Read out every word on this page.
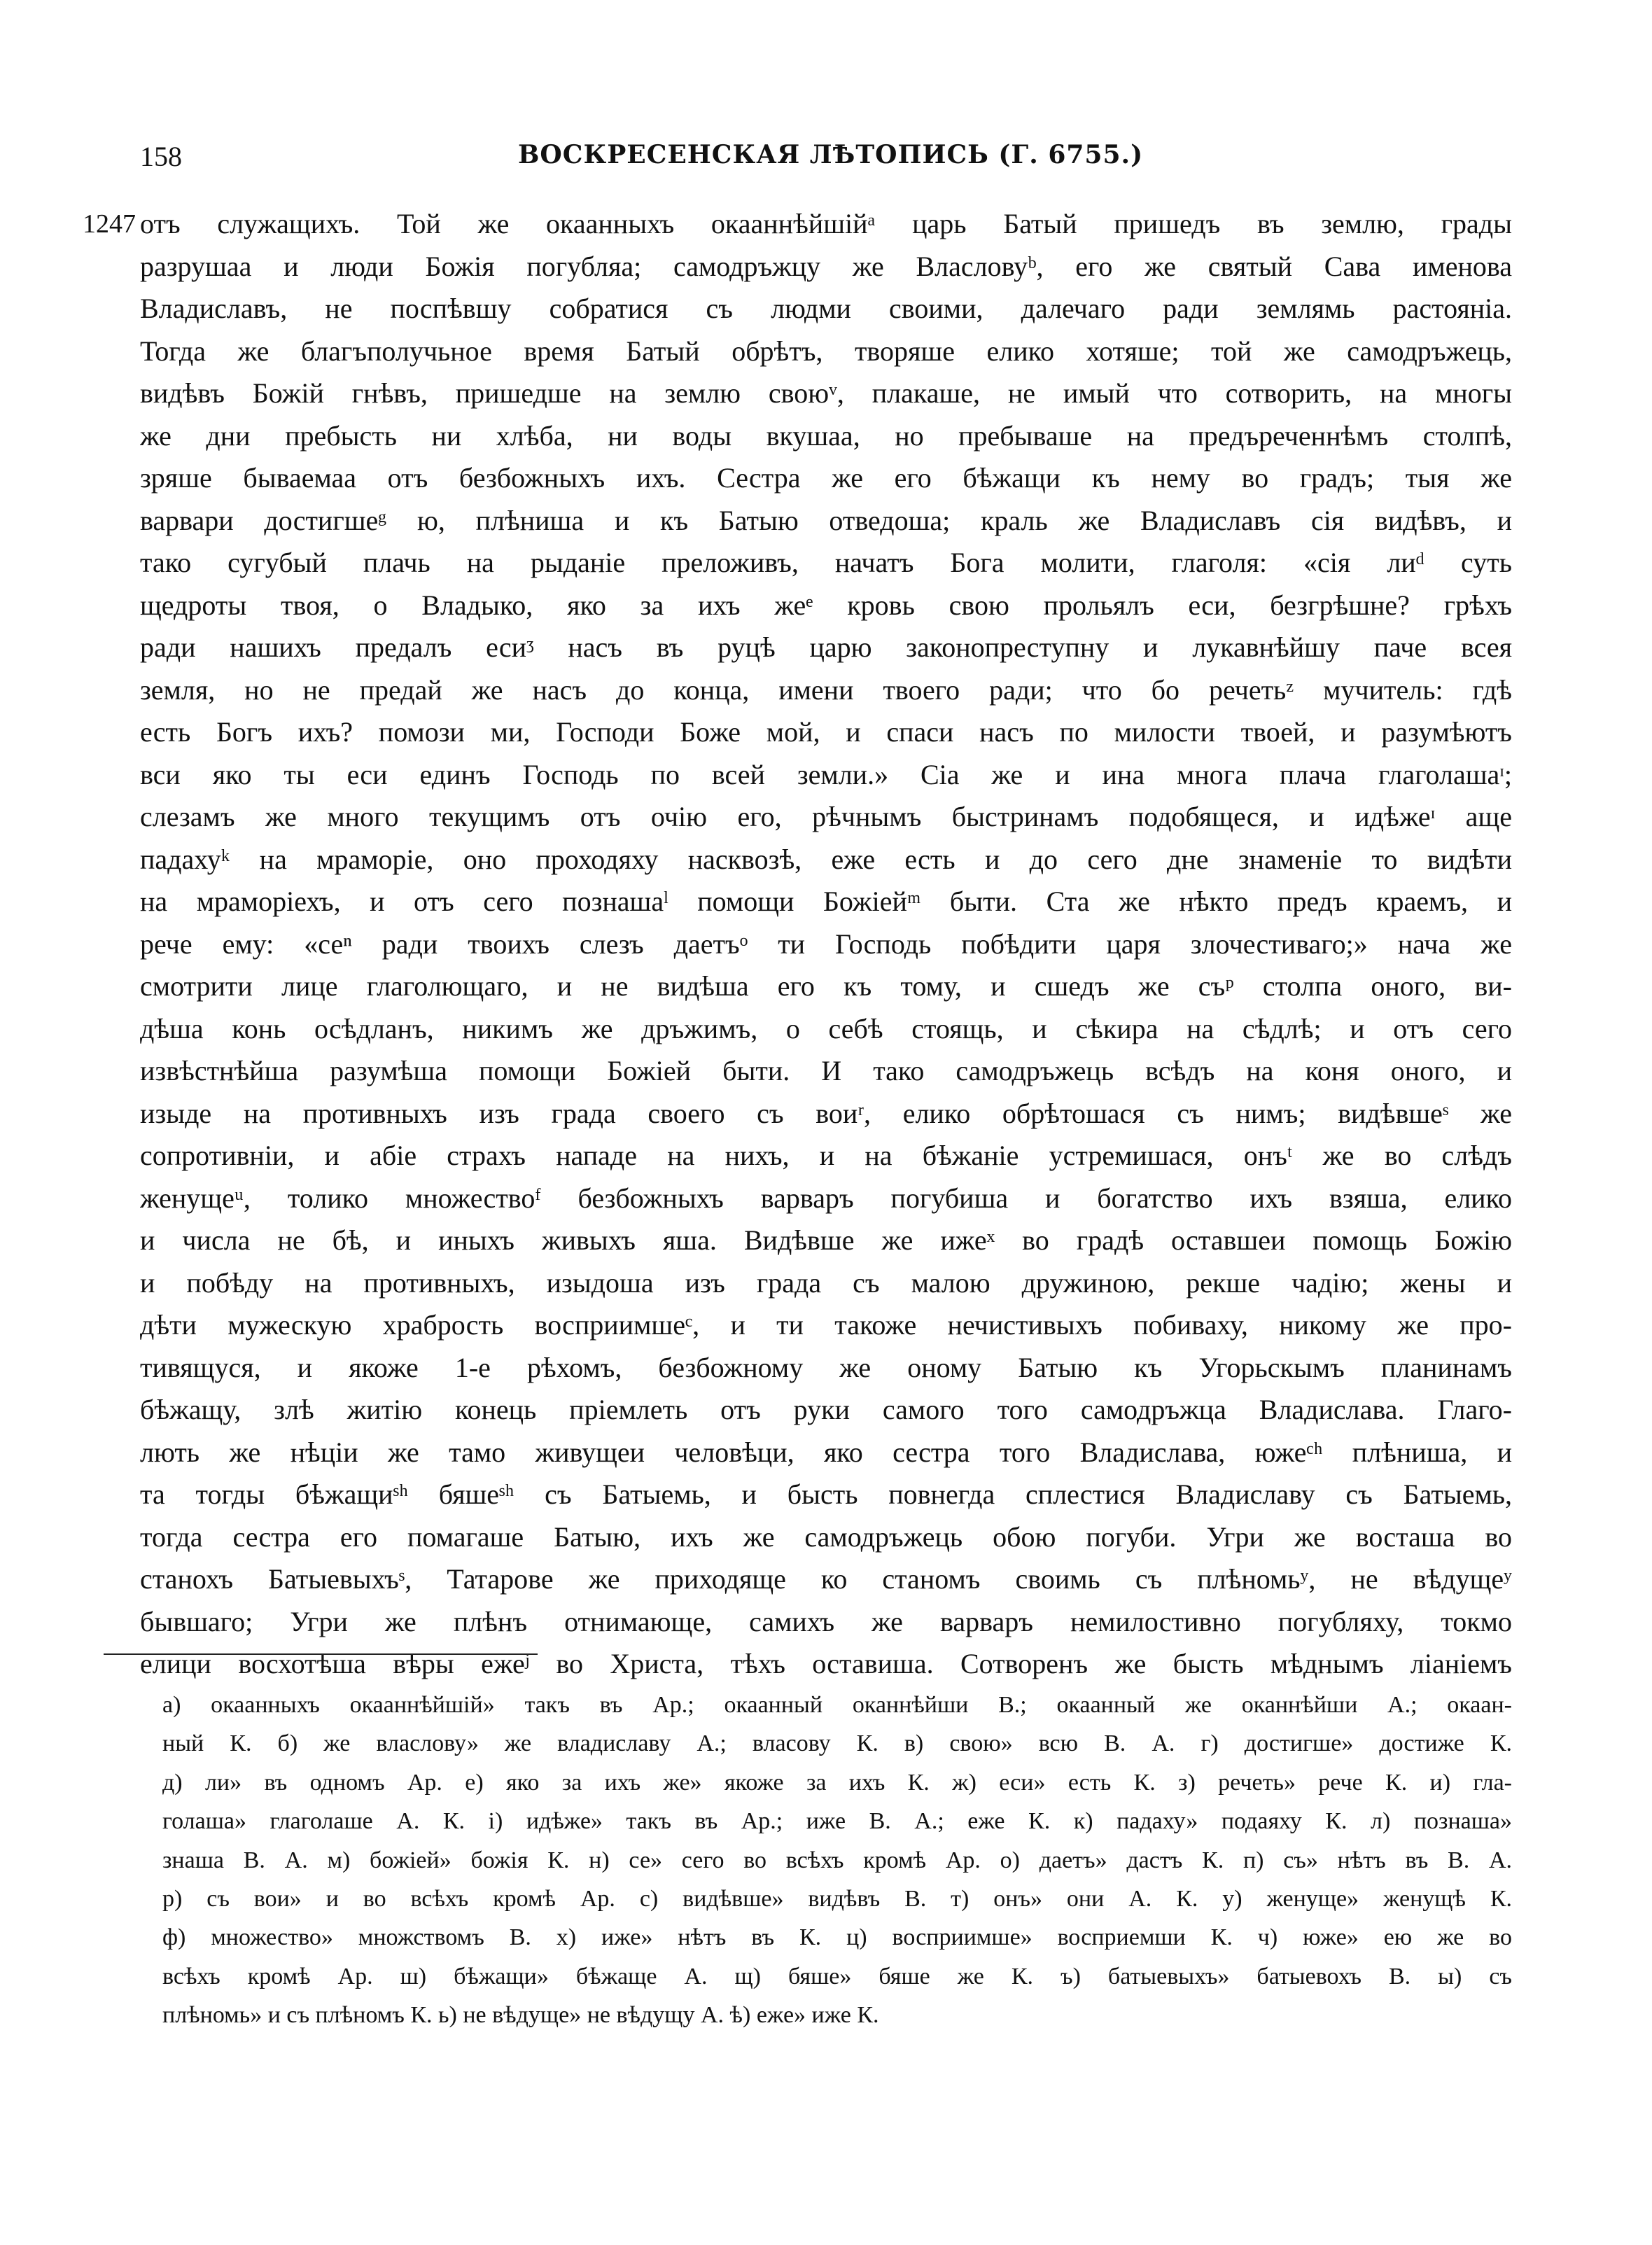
158	ВОСКРЕСЕНСКАЯ ЛѢТОПИСЬ (Г. 6755.)
1247 отъ служащихъ. Той же окаанныхъ окааннѣйшійᵃ царь Батый пришедъ въ землю, грады
разрушаа и люди Божія погубляа; самодръжцу же Власловуᵇ, его же святый Сава именова
Владиславъ, не поспѣвшу собратися съ людми своими, далечаго ради землямь растояніа.
Тогда же благъполучьное время Батый обрѣтъ, творяше елико хотяше; той же самодръжець,
видѣвъ Божій гнѣвъ, пришедше на землю своюᵛ, плакаше, не имый что сотворить, на многы
же дни пребысть ни хлѣба, ни воды вкушаа, но пребываше на предъреченнѣмъ столпѣ,
зряше бываемаа отъ безбожныхъ ихъ. Сестра же его бѣжащи къ нему во градъ; тыя же
варвари достигшеᵍ ю, плѣниша и къ Батыю отведоша; краль же Владиславъ сія видѣвъ, и
тако сугубый плачь на рыданіе преложивъ, начатъ Бога молити, глаголя: «сія лиᵈ суть
щедроты твоя, о Владыко, яко за ихъ жеᵉ кровь свою прольялъ еси, безгрѣшне? грѣхъ
ради нашихъ предалъ есиᶾ насъ въ руцѣ царю законопреступну и лукавнѣйшу паче всея
земля, но не предай же насъ до конца, имени твоего ради; что бо речетьᶻ мучитель: гдѣ
есть Богъ ихъ? помози ми, Господи Боже мой, и спаси насъ по милости твоей, и разумѣютъ
вси яко ты еси единъ Господь по всей земли.» Сіа же и ина многа плача глаголашаᶦ;
слезамъ же много текущимъ отъ очію его, рѣчнымъ быстринамъ подобящеся, и идѣжеᶦ аще
падахуᵏ на мраморіе, оно проходяху насквозѣ, еже есть и до сего дне знаменіе то видѣти
на мраморіехъ, и отъ сего познашаˡ помощи Божіейᵐ быти. Ста же нѣкто предъ краемъ, и
рече ему: «сеⁿ ради твоихъ слезъ даетъᵒ ти Господь побѣдити царя злочестиваго;» нача же
смотрити лице глаголющаго, и не видѣша его къ тому, и сшедъ же съᵖ столпа оного, ви-
дѣша конь осѣдланъ, никимъ же дръжимъ, о себѣ стоящь, и сѣкира на сѣдлѣ; и отъ сего
извѣстнѣйша разумѣша помощи Божіей быти. И тако самодръжець всѣдъ на коня оного, и
изыде на противныхъ изъ града своего съ воиʳ, елико обрѣтошася съ нимъ; видѣвшеˢ же
сопротивніи, и абіе страхъ нападе на нихъ, и на бѣжаніе устремишася, онъᵗ же во слѣдъ
женущеᵘ, толико множествоᶠ безбожныхъ варваръ погубиша и богатство ихъ взяша, елико
и числа не бѣ, и иныхъ живыхъ яша. Видѣвше же ижеˣ во градѣ оставшеи помощь Божію
и побѣду на противныхъ, изыдоша изъ града съ малою дружиною, рекше чадію; жены и
дѣти мужескую храбрость восприимшеᶜ, и ти такоже нечистивыхъ побиваху, никому же про-
тивящуся, и якоже 1-е рѣхомъ, безбожному же оному Батыю къ Угорьскымъ планинамъ
бѣжащу, злѣ житію конець пріемлеть отъ руки самого того самодръжца Владислава. Глаго-
лють же нѣціи же тамо живущеи человѣци, яко сестра того Владислава, южеᶜʰ плѣниша, и
та тогды бѣжащиˢʰ бяшеˢʰ съ Батыемь, и бысть повнегда сплестися Владиславу съ Батыемь,
тогда сестра его помагаше Батыю, ихъ же самодръжець обою погуби. Угри же восташа во
станохъ Батыевыхъˢ, Татарове же приходяще ко станомъ своимь съ плѣномьʸ, не вѣдущеʸ
бывшаго; Угри же плѣнъ отнимающе, самихъ же варваръ немилостивно погубляху, токмо
елици восхотѣша вѣры ежеʲ во Христа, тѣхъ оставиша. Сотворенъ же бысть мѣднымъ ліаніемъ
а) окаанныхъ окааннѣйшій» такъ въ Ар.; окаанный оканнѣйши В.; окаанный же оканнѣйши А.; окаан-
ный К. б) же власлову» же владиславу А.; власову К. в) свою» всю В. А. г) достигше» достиже К.
д) ли» въ одномъ Ар. е) яко за ихъ же» якоже за ихъ К. ж) еси» есть К. з) речеть» рече К. и) гла-
голаша» глаголаше А. К. і) идѣже» такъ въ Ар.; иже В. А.; еже К. к) падаху» подаяху К. л) познаша»
знаша В. А. м) божіей» божія К. н) се» сего во всѣхъ кромѣ Ар. о) даетъ» дастъ К. п) съ» нѣтъ въ В. А.
р) съ вои» и во всѣхъ кромѣ Ар. с) видѣвше» видѣвъ В. т) онъ» они А. К. у) женуще» женущѣ К.
ф) множество» множствомъ В. х) иже» нѣтъ въ К. ц) восприимше» восприемши К. ч) юже» ею же во
всѣхъ кромѣ Ар. ш) бѣжащи» бѣжаще А. щ) бяше» бяше же К. ъ) батыевыхъ» батыевохъ В. ы) съ
плѣномь» и съ плѣномъ К. ь) не вѣдуще» не вѣдущу А. ѣ) еже» иже К.
